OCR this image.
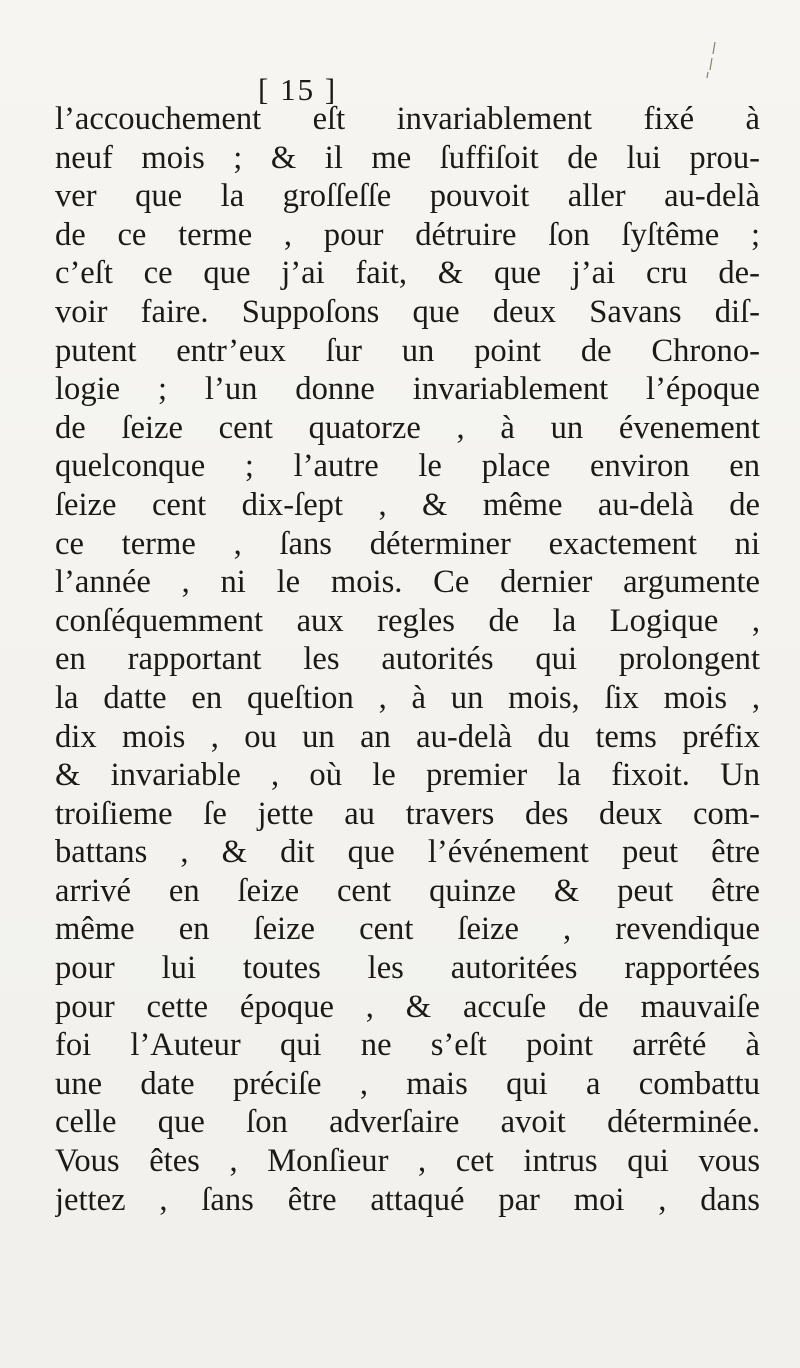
[ 15 ]
l’accouchement eſt invariablement fixé à
neuf mois ; & il me ſuffiſoit de lui prou-
ver que la groſſeſſe pouvoit aller au-delà
de ce terme , pour détruire ſon ſyſtême ;
c’eſt ce que j’ai fait, & que j’ai cru de-
voir faire. Suppoſons que deux Savans diſ-
putent entr’eux ſur un point de Chrono-
logie ; l’un donne invariablement l’époque
de ſeize cent quatorze , à un évenement
quelconque ; l’autre le place environ en
ſeize cent dix-ſept , & même au-delà de
ce terme , ſans déterminer exactement ni
l’année , ni le mois. Ce dernier argumente
conſéquemment aux regles de la Logique ,
en rapportant les autorités qui prolongent
la datte en queſtion , à un mois, ſix mois ,
dix mois , ou un an au-delà du tems préfix
& invariable , où le premier la fixoit. Un
troiſieme ſe jette au travers des deux com-
battans , & dit que l’événement peut être
arrivé en ſeize cent quinze & peut être
même en ſeize cent ſeize , revendique
pour lui toutes les autoritées rapportées
pour cette époque , & accuſe de mauvaiſe
foi l’Auteur qui ne s’eſt point arrêté à
une date préciſe , mais qui a combattu
celle que ſon adverſaire avoit déterminée.
Vous êtes , Monſieur , cet intrus qui vous
jettez , ſans être attaqué par moi , dans
